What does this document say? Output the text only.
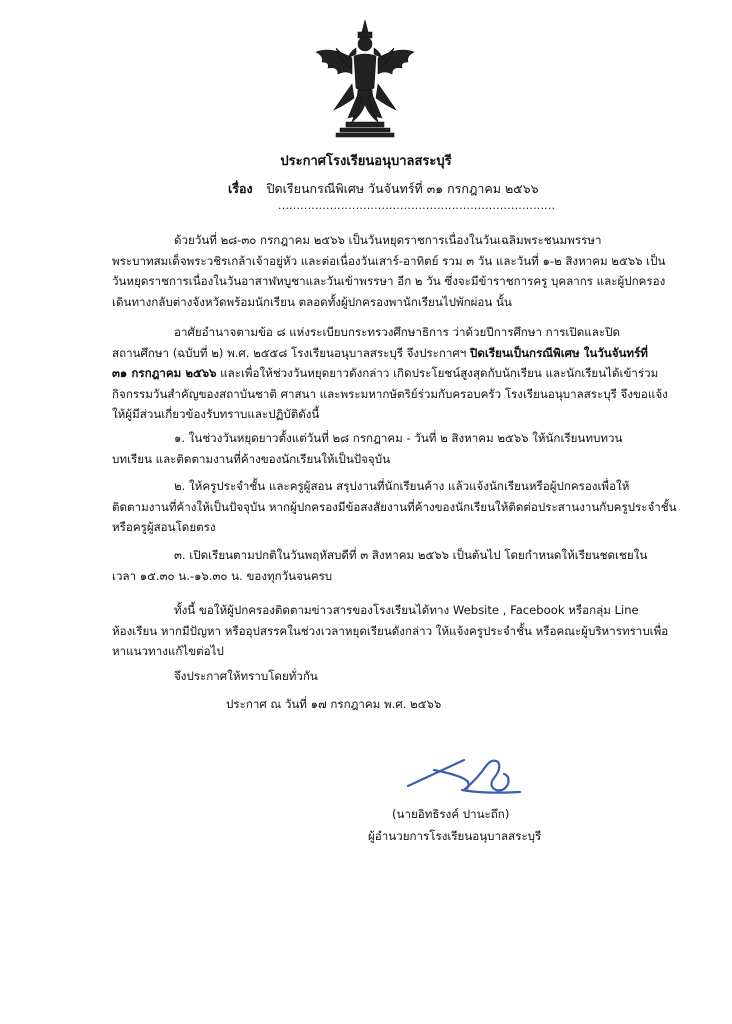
ประกาศโรงเรียนอนุบาลสระบุรี
เรื่อง ปิดเรียนกรณีพิเศษ วันจันทร์ที่ ๓๑ กรกฎาคม ๒๕๖๖
...........................................................................
ด้วยวันที่ ๒๘-๓๐ กรกฎาคม ๒๕๖๖ เป็นวันหยุดราชการเนื่องในวันเฉลิมพระชนมพรรษา
พระบาทสมเด็จพระวชิรเกล้าเจ้าอยู่หัว และต่อเนื่องวันเสาร์-อาทิตย์ รวม ๓ วัน และวันที่ ๑-๒ สิงหาคม ๒๕๖๖ เป็น
วันหยุดราชการเนื่องในวันอาสาฬหบูชาและวันเข้าพรรษา อีก ๒ วัน ซึ่งจะมีข้าราชการครู บุคลากร และผู้ปกครอง
เดินทางกลับต่างจังหวัดพร้อมนักเรียน ตลอดทั้งผู้ปกครองพานักเรียนไปพักผ่อน นั้น
อาศัยอำนาจตามข้อ ๘ แห่งระเบียบกระทรวงศึกษาธิการ ว่าด้วยปีการศึกษา การเปิดและปิด
สถานศึกษา (ฉบับที่ ๒) พ.ศ. ๒๕๕๘ โรงเรียนอนุบาลสระบุรี จึงประกาศฯ ปิดเรียนเป็นกรณีพิเศษ ในวันจันทร์ที่
๓๑ กรกฎาคม ๒๕๖๖ และเพื่อให้ช่วงวันหยุดยาวดังกล่าว เกิดประโยชน์สูงสุดกับนักเรียน และนักเรียนได้เข้าร่วม
กิจกรรมวันสำคัญของสถาบันชาติ ศาสนา และพระมหากษัตริย์ร่วมกับครอบครัว โรงเรียนอนุบาลสระบุรี จึงขอแจ้ง
ให้ผู้มีส่วนเกี่ยวข้องรับทราบและปฏิบัติดังนี้
๑. ในช่วงวันหยุดยาวตั้งแต่วันที่ ๒๘ กรกฎาคม - วันที่ ๒ สิงหาคม ๒๕๖๖ ให้นักเรียนทบทวน
บทเรียน และติดตามงานที่ค้างของนักเรียนให้เป็นปัจจุบัน
๒. ให้ครูประจำชั้น และครูผู้สอน สรุปงานที่นักเรียนค้าง แล้วแจ้งนักเรียนหรือผู้ปกครองเพื่อให้
ติดตามงานที่ค้างให้เป็นปัจจุบัน หากผู้ปกครองมีข้อสงสัยงานที่ค้างของนักเรียนให้ติดต่อประสานงานกับครูประจำชั้น
หรือครูผู้สอนโดยตรง
๓. เปิดเรียนตามปกติในวันพฤหัสบดีที่ ๓ สิงหาคม ๒๕๖๖ เป็นต้นไป โดยกำหนดให้เรียนชดเชยใน
เวลา ๑๕.๓๐ น.-๑๖.๓๐ น. ของทุกวันจนครบ
ทั้งนี้ ขอให้ผู้ปกครองติดตามข่าวสารของโรงเรียนได้ทาง Website , Facebook หรือกลุ่ม Line
ห้องเรียน หากมีปัญหา หรืออุปสรรคในช่วงเวลาหยุดเรียนดังกล่าว ให้แจ้งครูประจำชั้น หรือคณะผู้บริหารทราบเพื่อ
หาแนวทางแก้ไขต่อไป
จึงประกาศให้ทราบโดยทั่วกัน
ประกาศ ณ วันที่ ๑๗ กรกฎาคม พ.ศ. ๒๕๖๖
(นายอิทธิรงค์ ปานะถึก)
ผู้อำนวยการโรงเรียนอนุบาลสระบุรี
